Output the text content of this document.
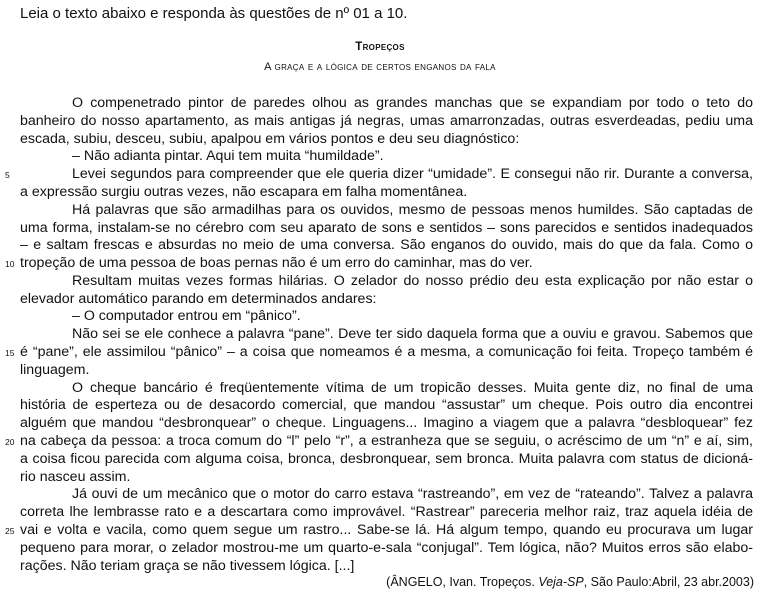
Leia o texto abaixo e responda às questões de nº 01 a 10.
Tropeços
A graça e a lógica de certos enganos da fala
O compenetrado pintor de paredes olhou as grandes manchas que se expandiam por todo o teto do
banheiro do nosso apartamento, as mais antigas já negras, umas amarronzadas, outras esverdeadas, pediu uma
escada, subiu, desceu, subiu, apalpou em vários pontos e deu seu diagnóstico:
– Não adianta pintar. Aqui tem muita “humildade”.
Levei segundos para compreender que ele queria dizer “umidade”. E consegui não rir. Durante a conversa,
a expressão surgiu outras vezes, não escapara em falha momentânea.
Há palavras que são armadilhas para os ouvidos, mesmo de pessoas menos humildes. São captadas de
uma forma, instalam-se no cérebro com seu aparato de sons e sentidos – sons parecidos e sentidos inadequados
– e saltam frescas e absurdas no meio de uma conversa. São enganos do ouvido, mais do que da fala. Como o
tropeção de uma pessoa de boas pernas não é um erro do caminhar, mas do ver.
Resultam muitas vezes formas hilárias. O zelador do nosso prédio deu esta explicação por não estar o
elevador automático parando em determinados andares:
– O computador entrou em “pânico”.
Não sei se ele conhece a palavra “pane”. Deve ter sido daquela forma que a ouviu e gravou. Sabemos que
é “pane”, ele assimilou “pânico” – a coisa que nomeamos é a mesma, a comunicação foi feita. Tropeço também é
linguagem.
O cheque bancário é freqüentemente vítima de um tropicão desses. Muita gente diz, no final de uma
história de esperteza ou de desacordo comercial, que mandou “assustar” um cheque. Pois outro dia encontrei
alguém que mandou “desbronquear” o cheque. Linguagens... Imagino a viagem que a palavra “desbloquear” fez
na cabeça da pessoa: a troca comum do “l” pelo “r”, a estranheza que se seguiu, o acréscimo de um “n” e aí, sim,
a coisa ficou parecida com alguma coisa, bronca, desbronquear, sem bronca. Muita palavra com status de dicioná-
rio nasceu assim.
Já ouvi de um mecânico que o motor do carro estava “rastreando”, em vez de “rateando”. Talvez a palavra
correta lhe lembrasse rato e a descartara como improvável. “Rastrear” pareceria melhor raiz, traz aquela idéia de
vai e volta e vacila, como quem segue um rastro... Sabe-se lá. Há algum tempo, quando eu procurava um lugar
pequeno para morar, o zelador mostrou-me um quarto-e-sala “conjugal”. Tem lógica, não? Muitos erros são elabo-
rações. Não teriam graça se não tivessem lógica. [...]
5
10
15
20
25
(ÂNGELO, Ivan. Tropeços. Veja-SP, São Paulo:Abril, 23 abr.2003)
